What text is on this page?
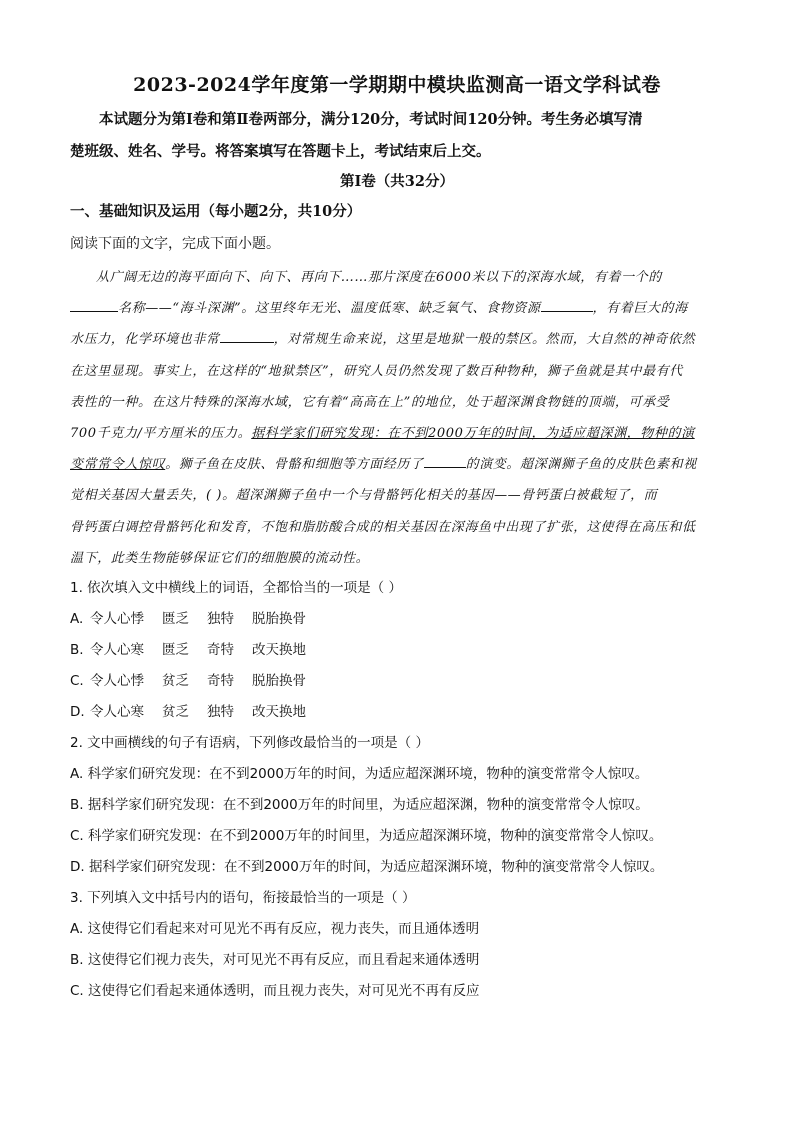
2023-2024学年度第一学期期中模块监测高一语文学科试卷
本试题分为第Ⅰ卷和第Ⅱ卷两部分，满分120分，考试时间120分钟。考生务必填写清
楚班级、姓名、学号。将答案填写在答题卡上，考试结束后上交。
第Ⅰ卷（共32分）
一、基础知识及运用（每小题2分，共10分）
阅读下面的文字，完成下面小题。
从广阔无边的海平面向下、向下、再向下……那片深度在6000米以下的深海水域，有着一个的
名称——“海斗深渊”。这里终年无光、温度低寒、缺乏氧气、食物资源	，有着巨大的海
水压力，化学环境也非常	，对常规生命来说，这里是地狱一般的禁区。然而，大自然的神奇依然
在这里显现。事实上，在这样的“地狱禁区”，研究人员仍然发现了数百种物种，狮子鱼就是其中最有代
表性的一种。在这片特殊的深海水域，它有着“高高在上”的地位，处于超深渊食物链的顶端，可承受
700千克力/平方厘米的压力。据科学家们研究发现：在不到2000万年的时间，为适应超深渊，物种的演
变常常令人惊叹。狮子鱼在皮肤、骨骼和细胞等方面经历了	的演变。超深渊狮子鱼的皮肤色素和视
觉相关基因大量丢失，( )。超深渊狮子鱼中一个与骨骼钙化相关的基因——骨钙蛋白被截短了，而
骨钙蛋白调控骨骼钙化和发育，不饱和脂肪酸合成的相关基因在深海鱼中出现了扩张，这使得在高压和低
温下，此类生物能够保证它们的细胞膜的流动性。
1. 依次填入文中横线上的词语，全都恰当的一项是（ ）
A. 令人心悸 匮乏 独特 脱胎换骨
B. 令人心寒 匮乏 奇特 改天换地
C. 令人心悸 贫乏 奇特 脱胎换骨
D. 令人心寒 贫乏 独特 改天换地
2. 文中画横线的句子有语病，下列修改最恰当的一项是（ ）
A. 科学家们研究发现：在不到2000万年的时间，为适应超深渊环境，物种的演变常常令人惊叹。
B. 据科学家们研究发现：在不到2000万年的时间里，为适应超深渊，物种的演变常常令人惊叹。
C. 科学家们研究发现：在不到2000万年的时间里，为适应超深渊环境，物种的演变常常令人惊叹。
D. 据科学家们研究发现：在不到2000万年的时间，为适应超深渊环境，物种的演变常常令人惊叹。
3. 下列填入文中括号内的语句，衔接最恰当的一项是（ ）
A. 这使得它们看起来对可见光不再有反应，视力丧失，而且通体透明
B. 这使得它们视力丧失，对可见光不再有反应，而且看起来通体透明
C. 这使得它们看起来通体透明，而且视力丧失，对可见光不再有反应
